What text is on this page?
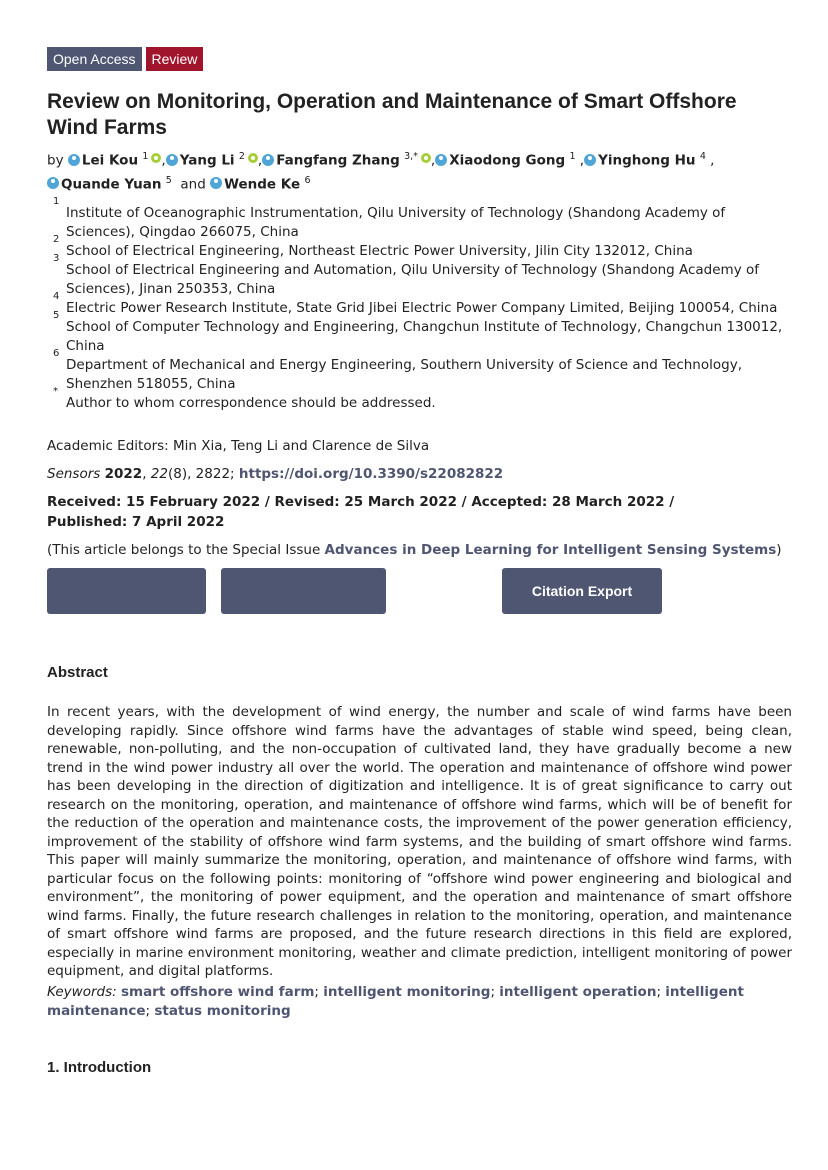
Open Access	Review
Review on Monitoring, Operation and Maintenance of Smart Offshore Wind Farms
by Lei Kou $^1$ , Yang Li $^2$ , Fangfang Zhang $^{3,*}$ , Xiaodong Gong $^1$ , Yinghong Hu $^4$ ,
Quande Yuan $^5$ and Wende Ke $^6$
1
Institute of Oceanographic Instrumentation, Qilu University of Technology (Shandong Academy of Sciences), Qingdao 266075, China
2
School of Electrical Engineering, Northeast Electric Power University, Jilin City 132012, China
3
School of Electrical Engineering and Automation, Qilu University of Technology (Shandong Academy of Sciences), Jinan 250353, China
4
Electric Power Research Institute, State Grid Jibei Electric Power Company Limited, Beijing 100054, China
5
School of Computer Technology and Engineering, Changchun Institute of Technology, Changchun 130012, China
6
Department of Mechanical and Energy Engineering, Southern University of Science and Technology, Shenzhen 518055, China
*
Author to whom correspondence should be addressed.
Academic Editors: Min Xia, Teng Li and Clarence de Silva
Sensors 2022, 22(8), 2822; https://doi.org/10.3390/s22082822
Received: 15 February 2022 / Revised: 25 March 2022 / Accepted: 28 March 2022 / Published: 7 April 2022
(This article belongs to the Special Issue Advances in Deep Learning for Intelligent Sensing Systems)
Citation Export
Abstract
In recent years, with the development of wind energy, the number and scale of wind farms have been developing rapidly. Since offshore wind farms have the advantages of stable wind speed, being clean, renewable, non-polluting, and the non-occupation of cultivated land, they have gradually become a new trend in the wind power industry all over the world. The operation and maintenance of offshore wind power has been developing in the direction of digitization and intelligence. It is of great significance to carry out research on the monitoring, operation, and maintenance of offshore wind farms, which will be of benefit for the reduction of the operation and maintenance costs, the improvement of the power generation efficiency, improvement of the stability of offshore wind farm systems, and the building of smart offshore wind farms. This paper will mainly summarize the monitoring, operation, and maintenance of offshore wind farms, with particular focus on the following points: monitoring of “offshore wind power engineering and biological and environment”, the monitoring of power equipment, and the operation and maintenance of smart offshore wind farms. Finally, the future research challenges in relation to the monitoring, operation, and maintenance of smart offshore wind farms are proposed, and the future research directions in this field are explored, especially in marine environment monitoring, weather and climate prediction, intelligent monitoring of power equipment, and digital platforms.
Keywords: smart offshore wind farm; intelligent monitoring; intelligent operation; intelligent maintenance; status monitoring
1. Introduction
